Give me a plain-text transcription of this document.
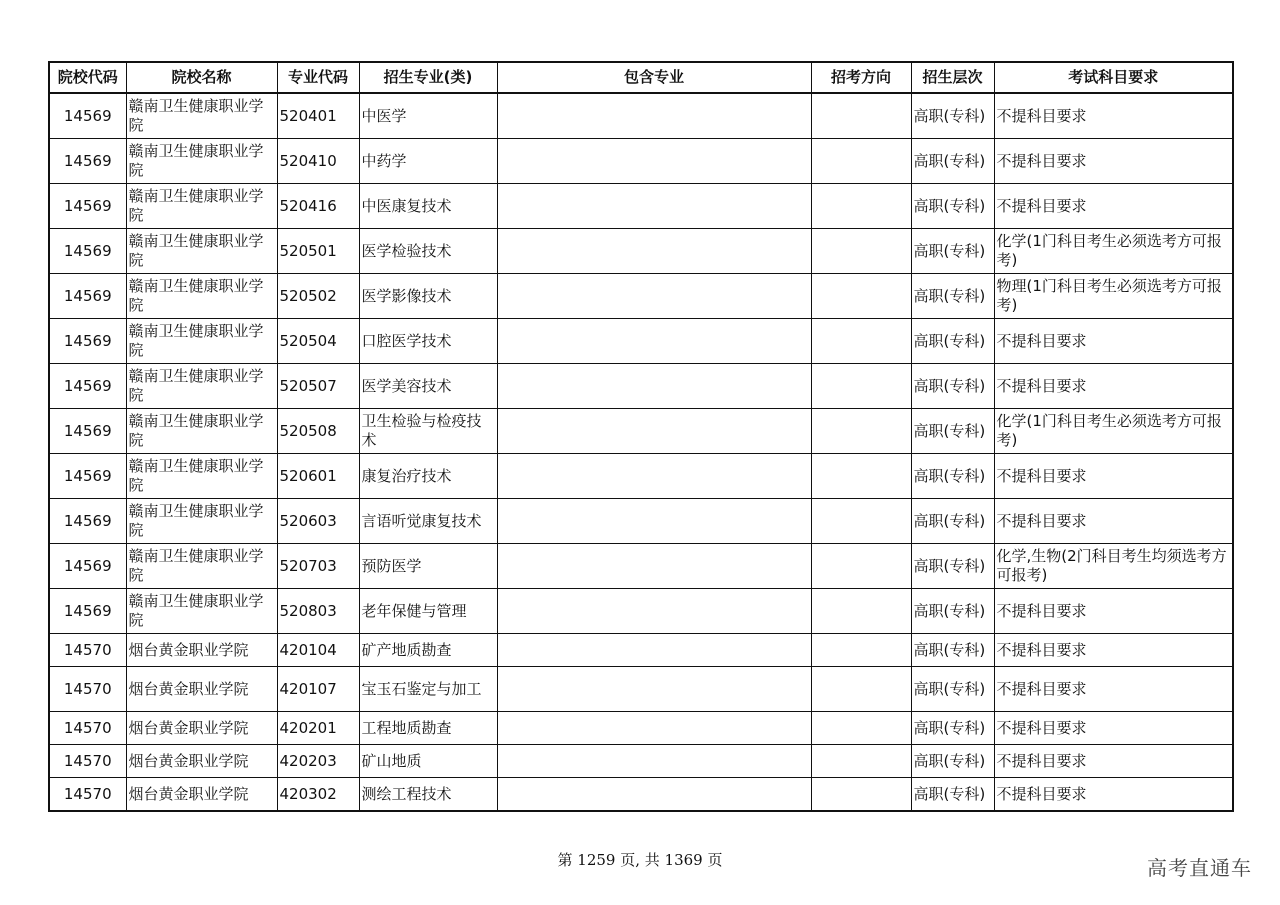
院校代码	院校名称	专业代码	招生专业(类)	包含专业	招考方向	招生层次	考试科目要求
14569	赣南卫生健康职业学院	520401	中医学			高职(专科)	不提科目要求
14569	赣南卫生健康职业学院	520410	中药学			高职(专科)	不提科目要求
14569	赣南卫生健康职业学院	520416	中医康复技术			高职(专科)	不提科目要求
14569	赣南卫生健康职业学院	520501	医学检验技术			高职(专科)	化学(1门科目考生必须选考方可报考)
14569	赣南卫生健康职业学院	520502	医学影像技术			高职(专科)	物理(1门科目考生必须选考方可报考)
14569	赣南卫生健康职业学院	520504	口腔医学技术			高职(专科)	不提科目要求
14569	赣南卫生健康职业学院	520507	医学美容技术			高职(专科)	不提科目要求
14569	赣南卫生健康职业学院	520508	卫生检验与检疫技术			高职(专科)	化学(1门科目考生必须选考方可报考)
14569	赣南卫生健康职业学院	520601	康复治疗技术			高职(专科)	不提科目要求
14569	赣南卫生健康职业学院	520603	言语听觉康复技术			高职(专科)	不提科目要求
14569	赣南卫生健康职业学院	520703	预防医学			高职(专科)	化学,生物(2门科目考生均须选考方可报考)
14569	赣南卫生健康职业学院	520803	老年保健与管理			高职(专科)	不提科目要求
14570	烟台黄金职业学院	420104	矿产地质勘查			高职(专科)	不提科目要求
14570	烟台黄金职业学院	420107	宝玉石鉴定与加工			高职(专科)	不提科目要求
14570	烟台黄金职业学院	420201	工程地质勘查			高职(专科)	不提科目要求
14570	烟台黄金职业学院	420203	矿山地质			高职(专科)	不提科目要求
14570	烟台黄金职业学院	420302	测绘工程技术			高职(专科)	不提科目要求
第 1259 页, 共 1369 页	高考直通车
